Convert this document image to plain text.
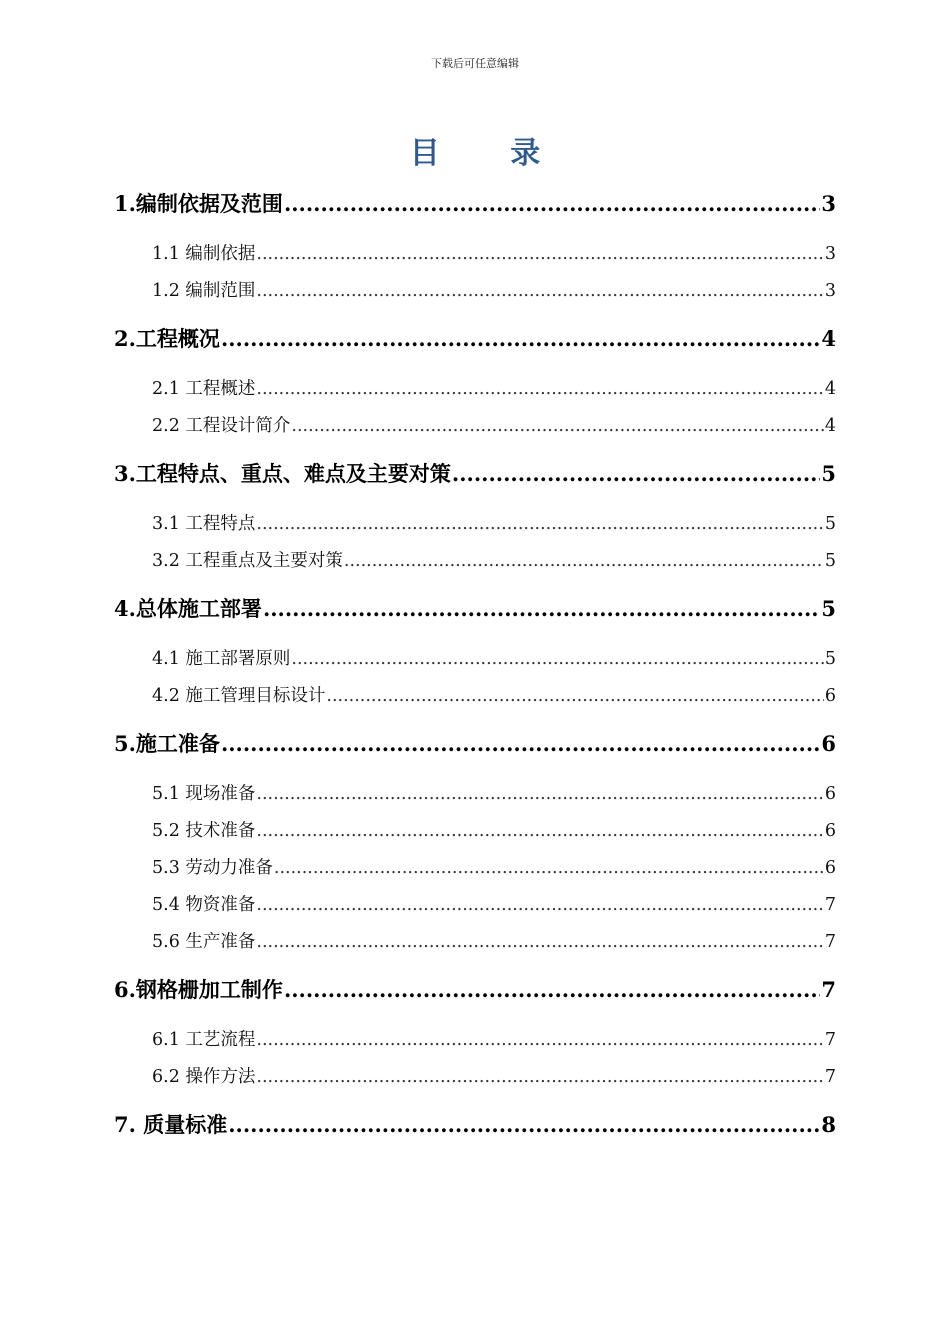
下载后可任意编辑
目 录
1.编制依据及范围 .....	3
1.1 编制依据 .....	3
1.2 编制范围 .....	3
2.工程概况 .....	4
2.1 工程概述 .....	4
2.2 工程设计简介 .....	4
3.工程特点、重点、难点及主要对策 .....	5
3.1 工程特点 .....	5
3.2 工程重点及主要对策 .....	5
4.总体施工部署 .....	5
4.1 施工部署原则 .....	5
4.2 施工管理目标设计 .....	6
5.施工准备 .....	6
5.1 现场准备 .....	6
5.2 技术准备 .....	6
5.3 劳动力准备 .....	6
5.4 物资准备 .....	7
5.6 生产准备 .....	7
6.钢格栅加工制作 .....	7
6.1 工艺流程 .....	7
6.2 操作方法 .....	7
7. 质量标准 .....	8
